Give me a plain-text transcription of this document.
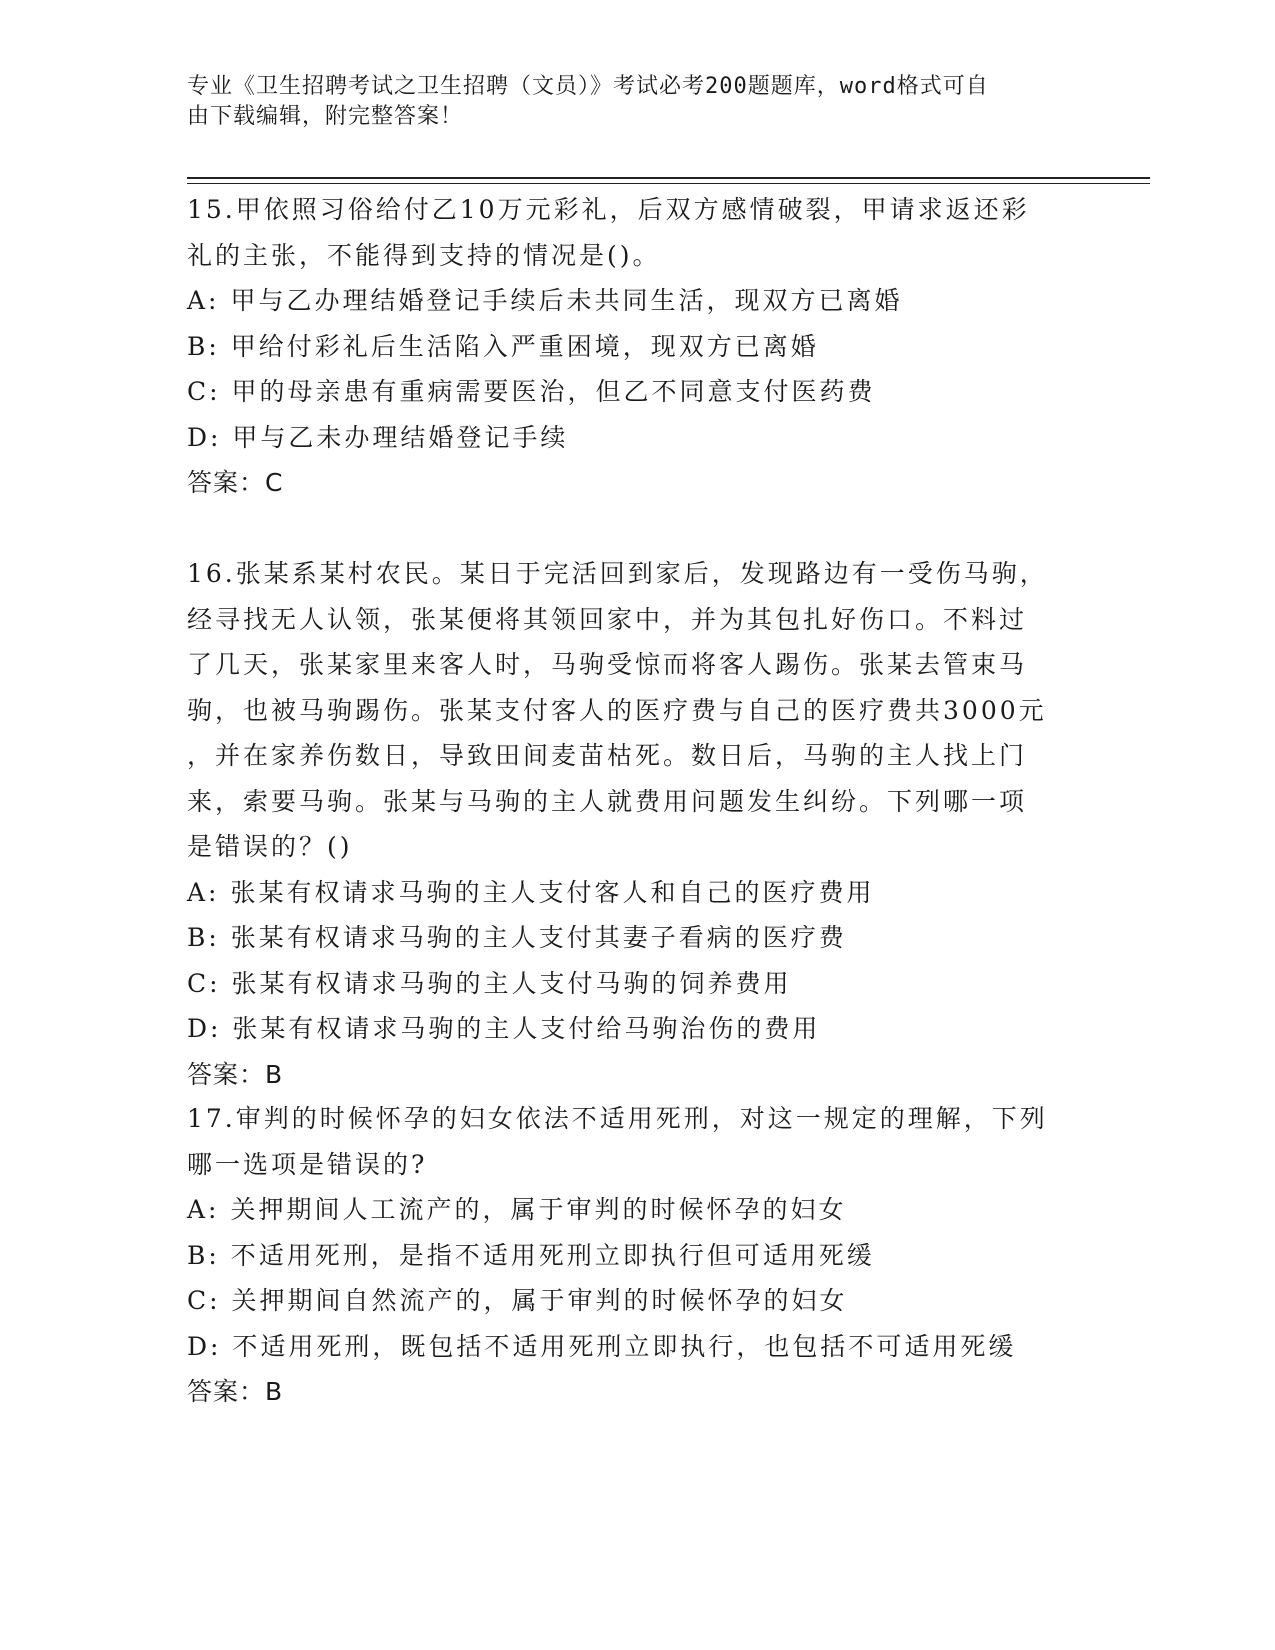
专业《卫生招聘考试之卫生招聘（文员）》考试必考200题题库，word格式可自
由下载编辑，附完整答案！
15.甲依照习俗给付乙10万元彩礼，后双方感情破裂，甲请求返还彩
礼的主张，不能得到支持的情况是()。
A: 甲与乙办理结婚登记手续后未共同生活，现双方已离婚
B: 甲给付彩礼后生活陷入严重困境，现双方已离婚
C: 甲的母亲患有重病需要医治，但乙不同意支付医药费
D: 甲与乙未办理结婚登记手续
答案：C
16.张某系某村农民。某日于完活回到家后，发现路边有一受伤马驹，
经寻找无人认领，张某便将其领回家中，并为其包扎好伤口。不料过
了几天，张某家里来客人时，马驹受惊而将客人踢伤。张某去管束马
驹，也被马驹踢伤。张某支付客人的医疗费与自己的医疗费共3000元
，并在家养伤数日，导致田间麦苗枯死。数日后，马驹的主人找上门
来，索要马驹。张某与马驹的主人就费用问题发生纠纷。下列哪一项
是错误的？()
A: 张某有权请求马驹的主人支付客人和自己的医疗费用
B: 张某有权请求马驹的主人支付其妻子看病的医疗费
C: 张某有权请求马驹的主人支付马驹的饲养费用
D: 张某有权请求马驹的主人支付给马驹治伤的费用
答案：B
17.审判的时候怀孕的妇女依法不适用死刑，对这一规定的理解，下列
哪一选项是错误的?
A: 关押期间人工流产的，属于审判的时候怀孕的妇女
B: 不适用死刑，是指不适用死刑立即执行但可适用死缓
C: 关押期间自然流产的，属于审判的时候怀孕的妇女
D: 不适用死刑，既包括不适用死刑立即执行，也包括不可适用死缓
答案：B
